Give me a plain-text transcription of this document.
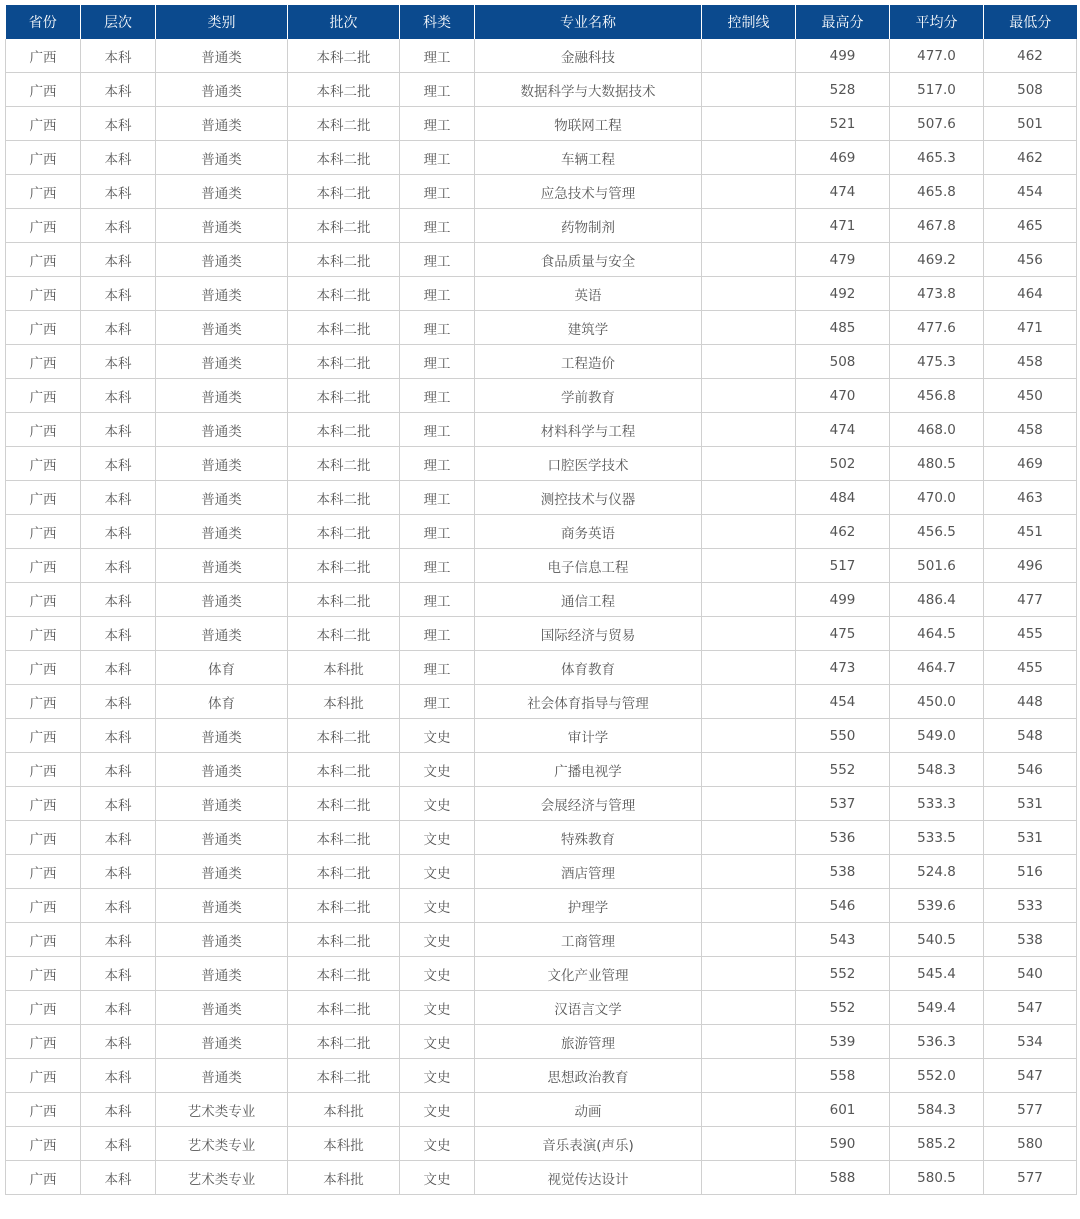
省份	层次	类别	批次	科类	专业名称	控制线	最高分	平均分	最低分
广西	本科	普通类	本科二批	理工	金融科技		499	477.0	462
广西	本科	普通类	本科二批	理工	数据科学与大数据技术		528	517.0	508
广西	本科	普通类	本科二批	理工	物联网工程		521	507.6	501
广西	本科	普通类	本科二批	理工	车辆工程		469	465.3	462
广西	本科	普通类	本科二批	理工	应急技术与管理		474	465.8	454
广西	本科	普通类	本科二批	理工	药物制剂		471	467.8	465
广西	本科	普通类	本科二批	理工	食品质量与安全		479	469.2	456
广西	本科	普通类	本科二批	理工	英语		492	473.8	464
广西	本科	普通类	本科二批	理工	建筑学		485	477.6	471
广西	本科	普通类	本科二批	理工	工程造价		508	475.3	458
广西	本科	普通类	本科二批	理工	学前教育		470	456.8	450
广西	本科	普通类	本科二批	理工	材料科学与工程		474	468.0	458
广西	本科	普通类	本科二批	理工	口腔医学技术		502	480.5	469
广西	本科	普通类	本科二批	理工	测控技术与仪器		484	470.0	463
广西	本科	普通类	本科二批	理工	商务英语		462	456.5	451
广西	本科	普通类	本科二批	理工	电子信息工程		517	501.6	496
广西	本科	普通类	本科二批	理工	通信工程		499	486.4	477
广西	本科	普通类	本科二批	理工	国际经济与贸易		475	464.5	455
广西	本科	体育	本科批	理工	体育教育		473	464.7	455
广西	本科	体育	本科批	理工	社会体育指导与管理		454	450.0	448
广西	本科	普通类	本科二批	文史	审计学		550	549.0	548
广西	本科	普通类	本科二批	文史	广播电视学		552	548.3	546
广西	本科	普通类	本科二批	文史	会展经济与管理		537	533.3	531
广西	本科	普通类	本科二批	文史	特殊教育		536	533.5	531
广西	本科	普通类	本科二批	文史	酒店管理		538	524.8	516
广西	本科	普通类	本科二批	文史	护理学		546	539.6	533
广西	本科	普通类	本科二批	文史	工商管理		543	540.5	538
广西	本科	普通类	本科二批	文史	文化产业管理		552	545.4	540
广西	本科	普通类	本科二批	文史	汉语言文学		552	549.4	547
广西	本科	普通类	本科二批	文史	旅游管理		539	536.3	534
广西	本科	普通类	本科二批	文史	思想政治教育		558	552.0	547
广西	本科	艺术类专业	本科批	文史	动画		601	584.3	577
广西	本科	艺术类专业	本科批	文史	音乐表演(声乐)		590	585.2	580
广西	本科	艺术类专业	本科批	文史	视觉传达设计		588	580.5	577
